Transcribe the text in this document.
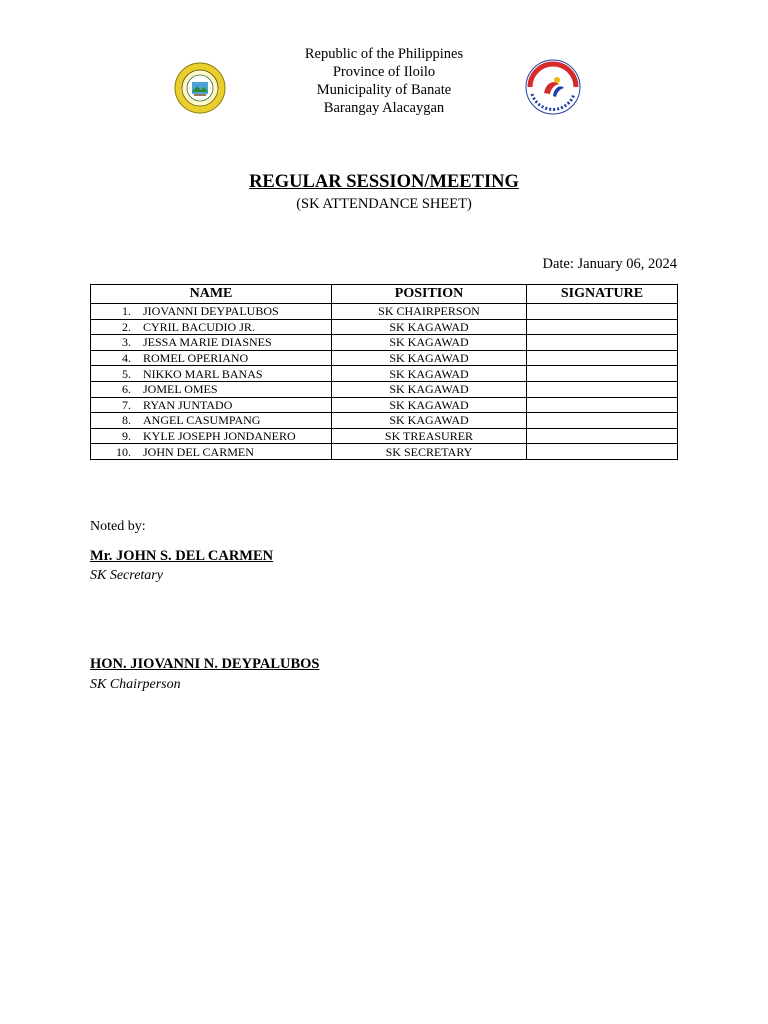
Republic of the Philippines
Province of Iloilo
Municipality of Banate
Barangay Alacaygan
REGULAR SESSION/MEETING
(SK ATTENDANCE SHEET)
Date: January 06, 2024
NAME	POSITION	SIGNATURE
1. JIOVANNI DEYPALUBOS	SK CHAIRPERSON	
2. CYRIL BACUDIO JR.	SK KAGAWAD	
3. JESSA MARIE DIASNES	SK KAGAWAD	
4. ROMEL OPERIANO	SK KAGAWAD	
5. NIKKO MARL BANAS	SK KAGAWAD	
6. JOMEL OMES	SK KAGAWAD	
7. RYAN JUNTADO	SK KAGAWAD	
8. ANGEL CASUMPANG	SK KAGAWAD	
9. KYLE JOSEPH JONDANERO	SK TREASURER	
10. JOHN DEL CARMEN	SK SECRETARY	
Noted by:
Mr. JOHN S. DEL CARMEN
SK Secretary
HON. JIOVANNI N. DEYPALUBOS
SK Chairperson
